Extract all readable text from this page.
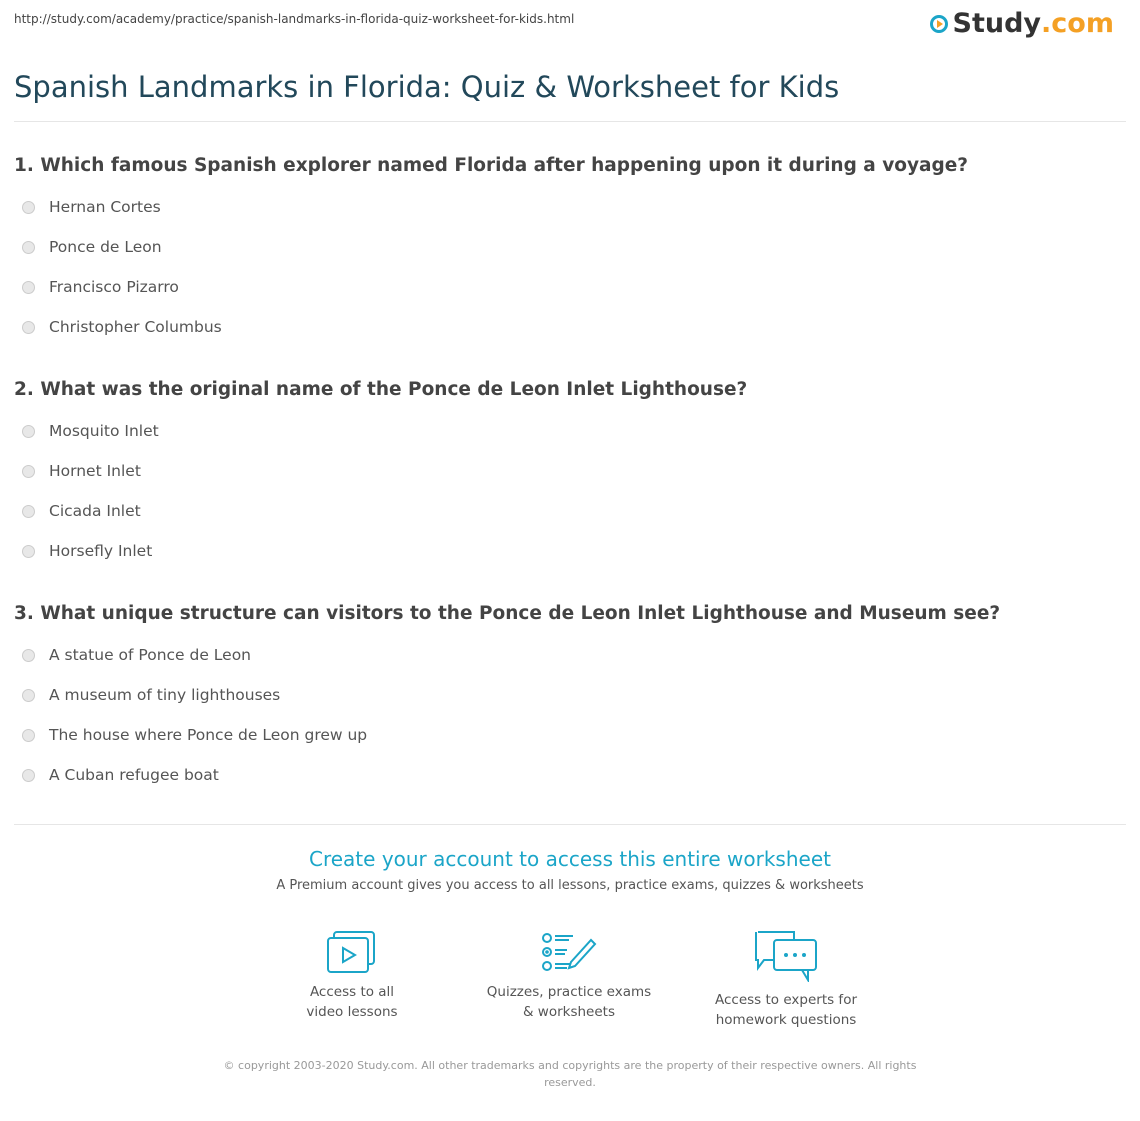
http://study.com/academy/practice/spanish-landmarks-in-florida-quiz-worksheet-for-kids.html	Study .com
Spanish Landmarks in Florida: Quiz & Worksheet for Kids
1. Which famous Spanish explorer named Florida after happening upon it during a voyage?
Hernan Cortes
Ponce de Leon
Francisco Pizarro
Christopher Columbus
2. What was the original name of the Ponce de Leon Inlet Lighthouse?
Mosquito Inlet
Hornet Inlet
Cicada Inlet
Horsefly Inlet
3. What unique structure can visitors to the Ponce de Leon Inlet Lighthouse and Museum see?
A statue of Ponce de Leon
A museum of tiny lighthouses
The house where Ponce de Leon grew up
A Cuban refugee boat
Create your account to access this entire worksheet
A Premium account gives you access to all lessons, practice exams, quizzes & worksheets
Access to all
video lessons
Quizzes, practice exams
& worksheets
Access to experts for
homework questions
© copyright 2003-2020 Study.com. All other trademarks and copyrights are the property of their respective owners. All rights reserved.
